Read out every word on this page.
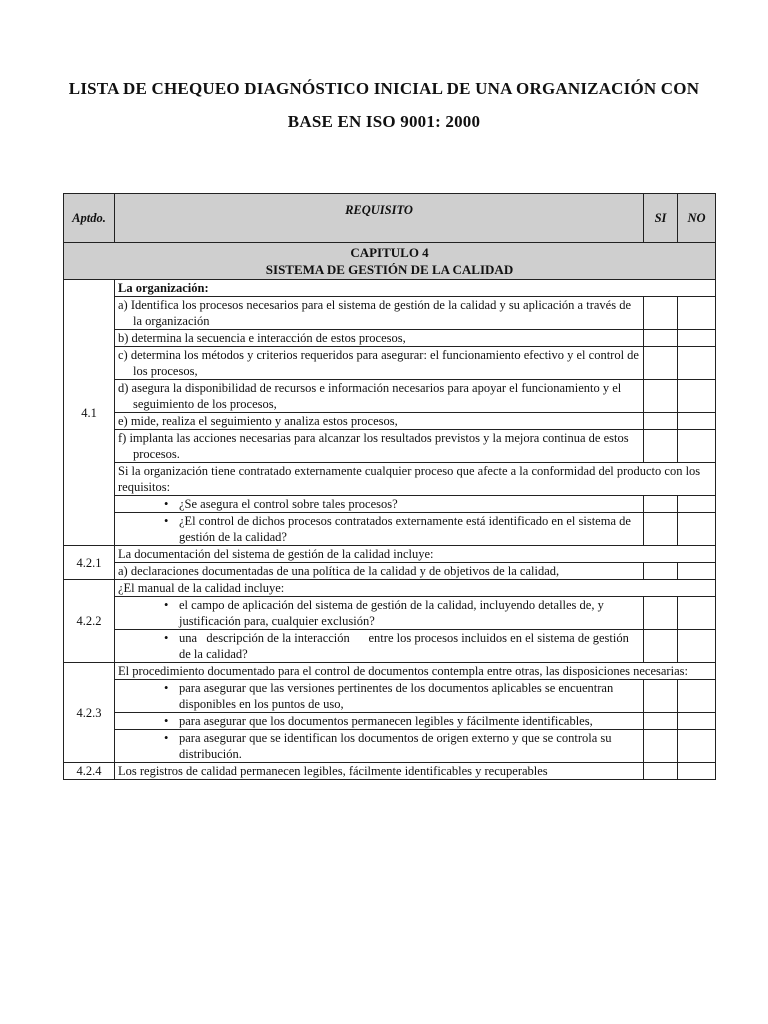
LISTA DE CHEQUEO DIAGNÓSTICO INICIAL DE UNA ORGANIZACIÓN CON
BASE EN ISO 9001: 2000
Aptdo.	REQUISITO	SI	NO

CAPITULO 4
SISTEMA DE GESTIÓN DE LA CALIDAD			

4.1	La organización:		
	a) Identifica los procesos necesarios para el sistema de gestión de la calidad y su aplicación a través de la organización		
	b) determina la secuencia e interacción de estos procesos,		
	c) determina los métodos y criterios requeridos para asegurar: el funcionamiento efectivo y el control de los procesos,		
	d) asegura la disponibilidad de recursos e información necesarios para apoyar el funcionamiento y el seguimiento de los procesos,		
	e) mide, realiza el seguimiento y analiza estos procesos,		
	f) implanta las acciones necesarias para alcanzar los resultados previstos y la mejora continua de estos procesos.		
	Si la organización tiene contratado externamente cualquier proceso que afecte a la conformidad del producto con los requisitos:		

	• ¿Se asegura el control sobre tales procesos?		

	• ¿El control de dichos procesos contratados externamente está identificado en el sistema de gestión de la calidad?		
4.2.1	La documentación del sistema de gestión de la calidad incluye:		
	a) declaraciones documentadas de una política de la calidad y de objetivos de la calidad,		
4.2.2	¿El manual de la calidad incluye:		

	• el campo de aplicación del sistema de gestión de la calidad, incluyendo detalles de, y justificación para, cualquier exclusión?		

	• una   descripción de la interacción      entre los procesos incluidos en el sistema de gestión de la calidad?		
4.2.3	El procedimiento documentado para el control de documentos contempla entre otras, las disposiciones necesarias:		

	• para asegurar que las versiones pertinentes de los documentos aplicables se encuentran disponibles en los puntos de uso,		

	• para asegurar que los documentos permanecen legibles y fácilmente identificables,		

	• para asegurar que se identifican los documentos de origen externo y que se controla su distribución.		
4.2.4	Los registros de calidad permanecen legibles, fácilmente identificables y recuperables		
